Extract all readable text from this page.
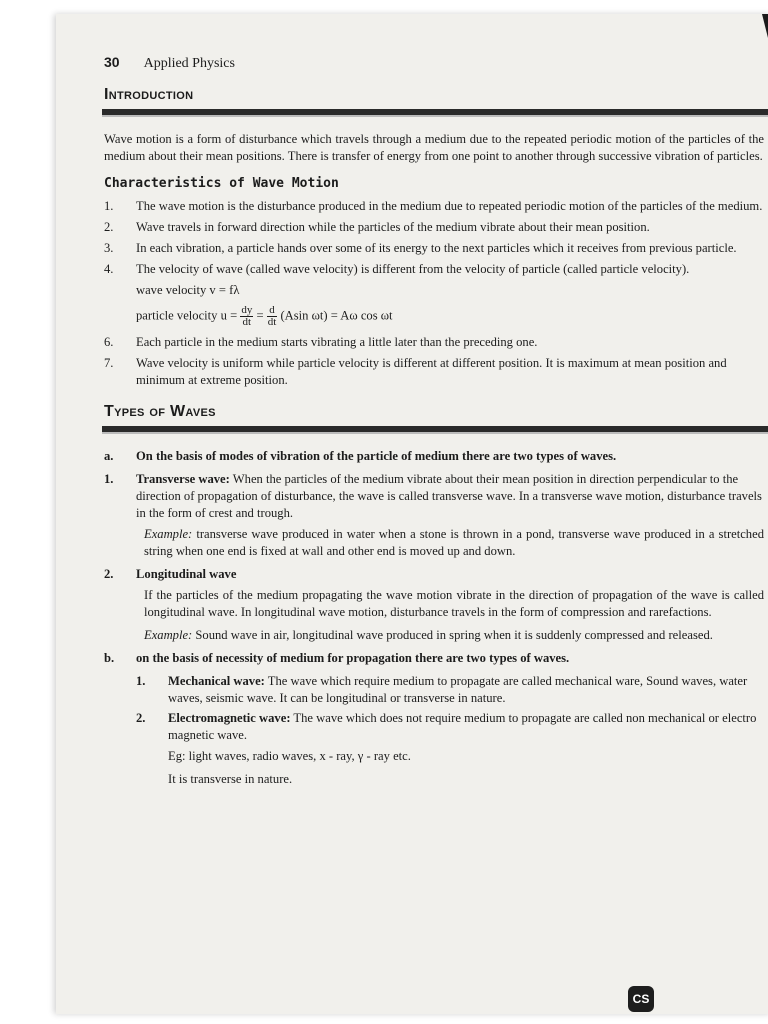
30 Applied Physics
Introduction

Wave motion is a form of disturbance which travels through a medium due to the repeated periodic motion of the particles of the medium about their mean positions. There is transfer of energy from one point to another through successive vibration of particles.

Characteristics of Wave Motion
1.	The wave motion is the disturbance produced in the medium due to repeated periodic motion of the particles of the medium.
2.	Wave travels in forward direction while the particles of the medium vibrate about their mean position.
3.	In each vibration, a particle hands over some of its energy to the next particles which it receives from previous particle.
4.	The velocity of wave (called wave velocity) is different from the velocity of particle (called particle velocity).
wave velocity v = fλ
particle velocity $u = \frac{dy}{dt} = \frac{d}{dt} (Asin$ ωt) = Aω cos ωt
6.	Each particle in the medium starts vibrating a little later than the preceding one.
7.	Wave velocity is uniform while particle velocity is different at different position. It is maximum at mean position and minimum at extreme position.
Types of Waves
a.	On the basis of modes of vibration of the particle of medium there are two types of waves.
1.	Transverse wave: When the particles of the medium vibrate about their mean position in direction perpendicular to the direction of propagation of disturbance, the wave is called transverse wave. In a transverse wave motion, disturbance travels in the form of crest and trough.

Example: transverse wave produced in water when a stone is thrown in a pond, transverse wave produced in a stretched string when one end is fixed at wall and other end is moved up and down.

2.	Longitudinal wave

If the particles of the medium propagating the wave motion vibrate in the direction of propagation of the wave is called longitudinal wave. In longitudinal wave motion, disturbance travels in the form of compression and rarefactions.

Example: Sound wave in air, longitudinal wave produced in spring when it is suddenly compressed and released.

b.	on the basis of necessity of medium for propagation there are two types of waves.
1.	Mechanical wave: The wave which require medium to propagate are called mechanical ware, Sound waves, water waves, seismic wave. It can be longitudinal or transverse in nature.
2.	Electromagnetic wave: The wave which does not require medium to propagate are called non mechanical or electro magnetic wave.

Eg: light waves, radio waves, x - ray, γ - ray etc.

It is transverse in nature.

CS
